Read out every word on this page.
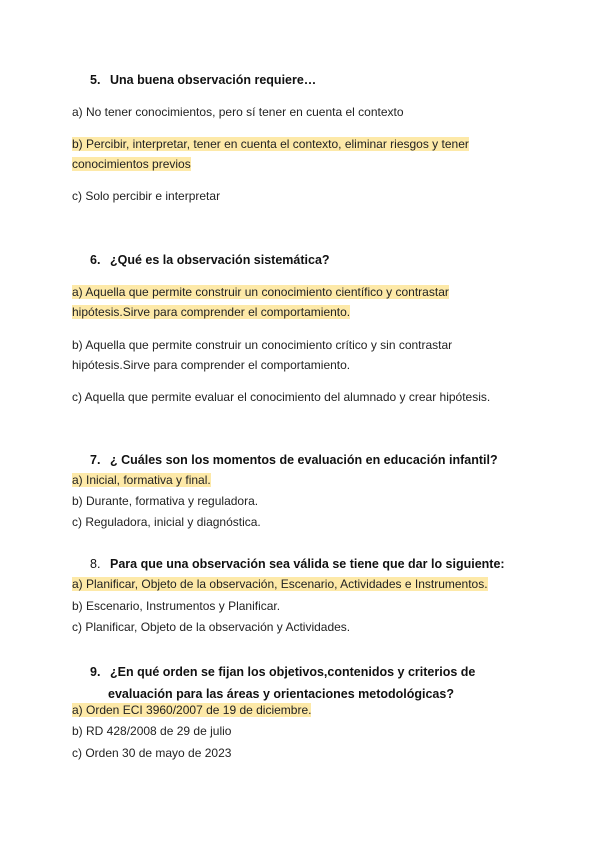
5. Una buena observación requiere…
a) No tener conocimientos, pero sí tener en cuenta el contexto
b) Percibir, interpretar, tener en cuenta el contexto, eliminar riesgos y tener
conocimientos previos
c) Solo percibir e interpretar
6. ¿Qué es la observación sistemática?
a) Aquella que permite construir un conocimiento científico y contrastar
hipótesis.Sirve para comprender el comportamiento.
b) Aquella que permite construir un conocimiento crítico y sin contrastar
hipótesis.Sirve para comprender el comportamiento.
c) Aquella que permite evaluar el conocimiento del alumnado y crear hipótesis.
7. ¿ Cuáles son los momentos de evaluación en educación infantil?
a) Inicial, formativa y final.
b) Durante, formativa y reguladora.
c) Reguladora, inicial y diagnóstica.
8. Para que una observación sea válida se tiene que dar lo siguiente:
a) Planificar, Objeto de la observación, Escenario, Actividades e Instrumentos.
b) Escenario, Instrumentos y Planificar.
c) Planificar, Objeto de la observación y Actividades.
9. ¿En qué orden se fijan los objetivos,contenidos y criterios de
evaluación para las áreas y orientaciones metodológicas?
a) Orden ECI 3960/2007 de 19 de diciembre.
b) RD 428/2008 de 29 de julio
c) Orden 30 de mayo de 2023
